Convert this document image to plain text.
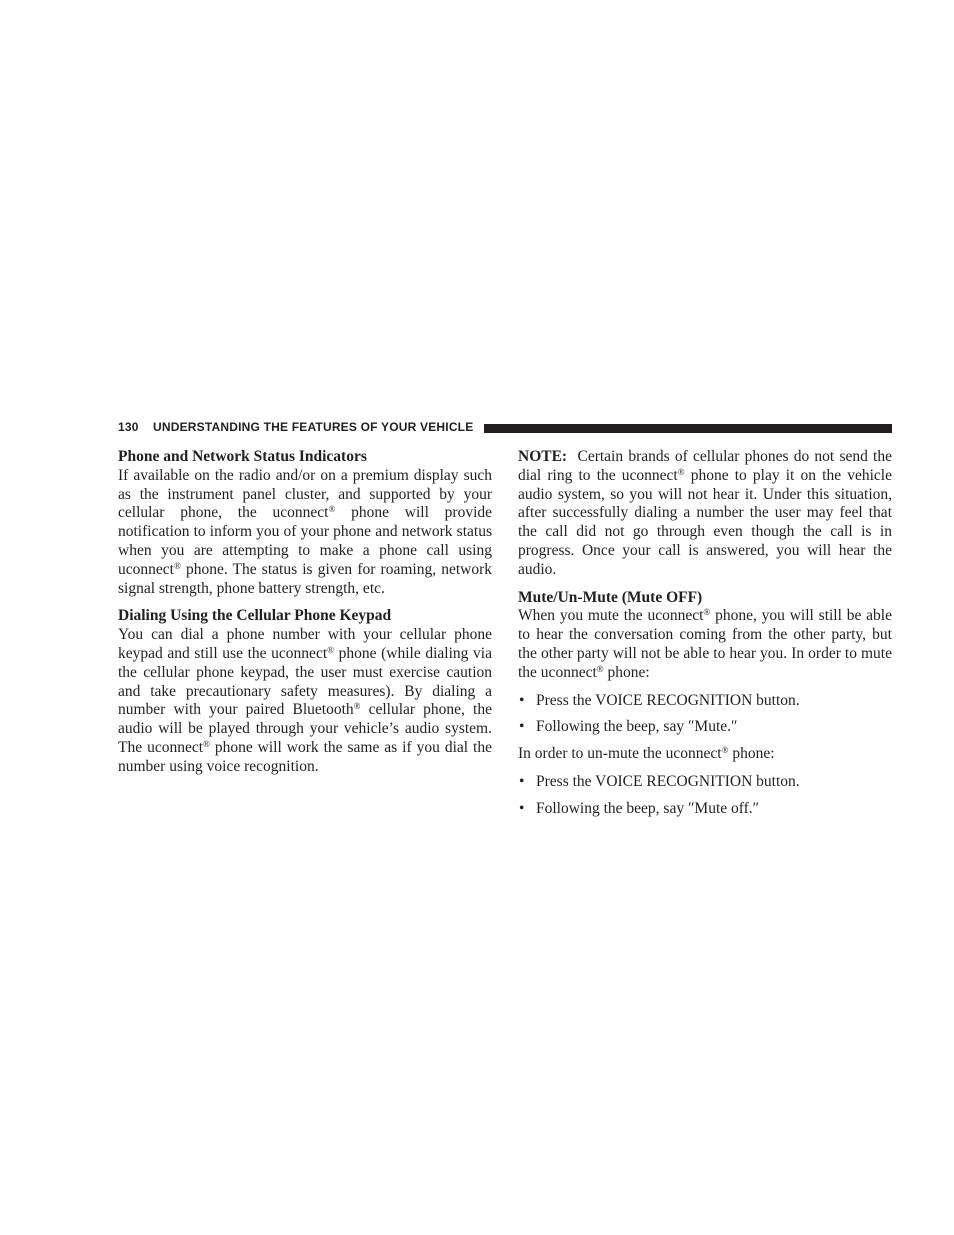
130 UNDERSTANDING THE FEATURES OF YOUR VEHICLE
Phone and Network Status Indicators

If available on the radio and/or on a premium display such as the instrument panel cluster, and supported by your cellular phone, the uconnect® phone will provide notification to inform you of your phone and network status when you are attempting to make a phone call using uconnect® phone. The status is given for roaming, network signal strength, phone battery strength, etc.

Dialing Using the Cellular Phone Keypad

You can dial a phone number with your cellular phone keypad and still use the uconnect® phone (while dialing via the cellular phone keypad, the user must exercise caution and take precautionary safety measures). By dialing a number with your paired Bluetooth® cellular phone, the audio will be played through your vehicle’s audio system. The uconnect® phone will work the same as if you dial the number using voice recognition.

NOTE:  Certain brands of cellular phones do not send the dial ring to the uconnect® phone to play it on the vehicle audio system, so you will not hear it. Under this situation, after successfully dialing a number the user may feel that the call did not go through even though the call is in progress. Once your call is answered, you will hear the audio.

Mute/Un-Mute (Mute OFF)

When you mute the uconnect® phone, you will still be able to hear the conversation coming from the other party, but the other party will not be able to hear you. In order to mute the uconnect® phone:

• Press the VOICE RECOGNITION button.
• Following the beep, say ″Mute.″

In order to un-mute the uconnect® phone:

• Press the VOICE RECOGNITION button.
• Following the beep, say ″Mute off.″
